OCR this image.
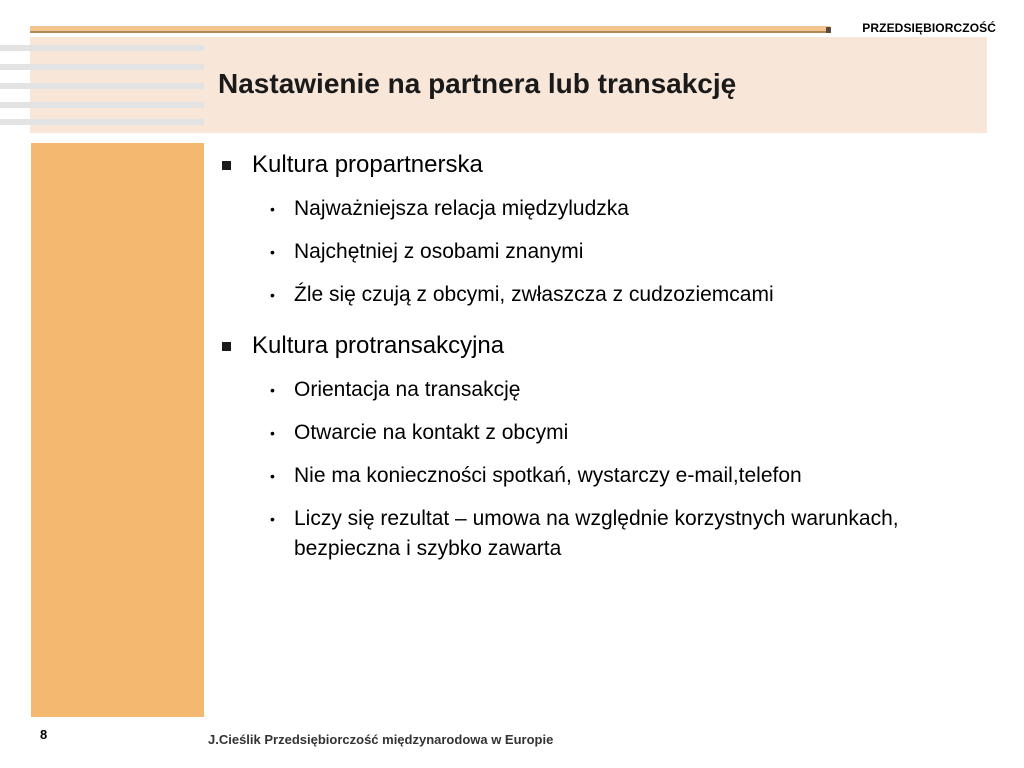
PRZEDSIĘBIORCZOŚĆ
Nastawienie na partnera lub transakcję
Kultura propartnerska
• Najważniejsza relacja międzyludzka
• Najchętniej z osobami znanymi
• Źle się czują z obcymi, zwłaszcza z cudzoziemcami
Kultura protransakcyjna
• Orientacja na transakcję
• Otwarcie na kontakt z obcymi
• Nie ma konieczności spotkań, wystarczy e-mail,telefon
• Liczy się rezultat – umowa na względnie korzystnych warunkach, bezpieczna i szybko zawarta
8	J.Cieślik Przedsiębiorczość międzynarodowa w Europie
